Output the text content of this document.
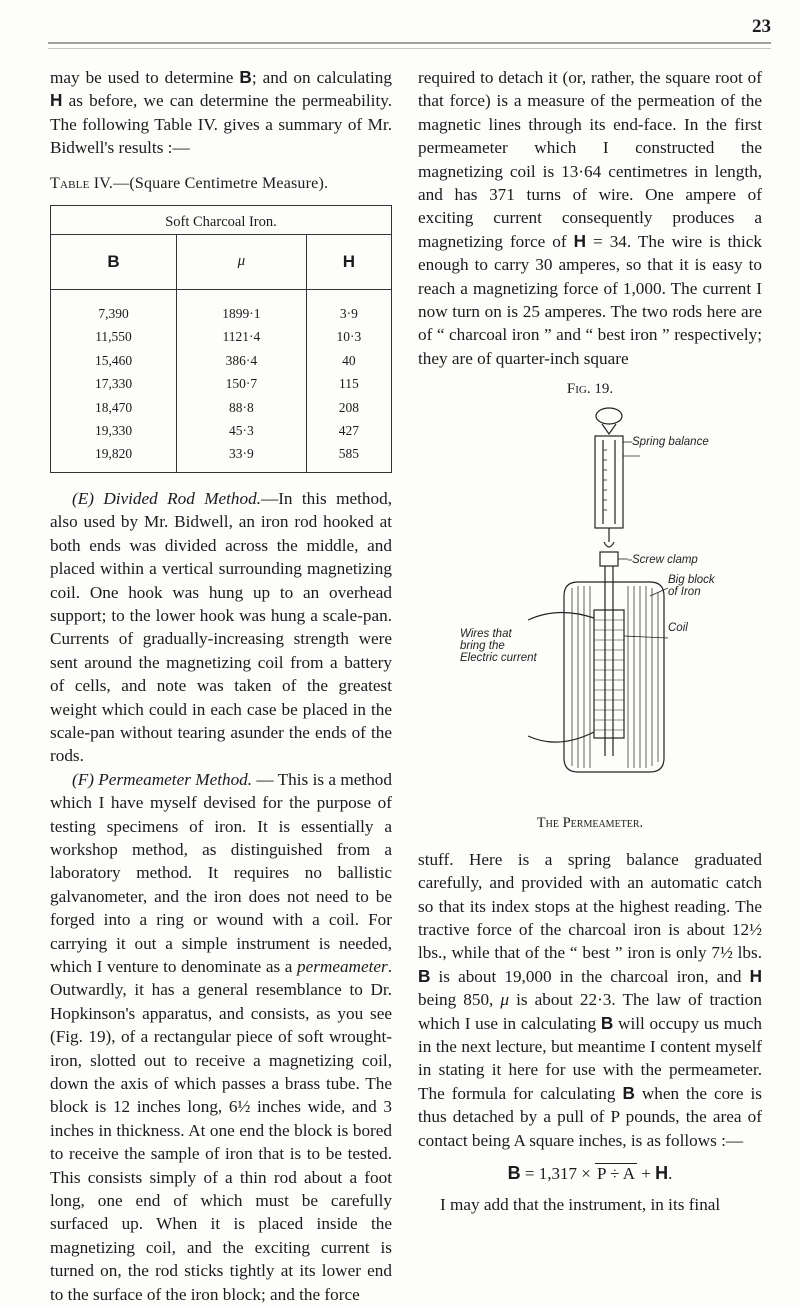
23

may be used to determine B; and on calculating H as before, we can determine the permeability. The following Table IV. gives a summary of Mr. Bidwell's results :—

Table IV.—(Square Centimetre Measure).
Soft Charcoal Iron.		
B	μ	H
7,390	1899·1	3·9
11,550	1121·4	10·3
15,460	386·4	40
17,330	150·7	115
18,470	88·8	208
19,330	45·3	427
19,820	33·9	585

(E) Divided Rod Method.—In this method, also used by Mr. Bidwell, an iron rod hooked at both ends was divided across the middle, and placed within a vertical surrounding magnetizing coil. One hook was hung up to an overhead support; to the lower hook was hung a scale-pan. Currents of gradually-increasing strength were sent around the magnetizing coil from a battery of cells, and note was taken of the greatest weight which could in each case be placed in the scale-pan without tearing asunder the ends of the rods.

(F) Permeameter Method. — This is a method which I have myself devised for the purpose of testing specimens of iron. It is essentially a workshop method, as distinguished from a laboratory method. It requires no ballistic galvanometer, and the iron does not need to be forged into a ring or wound with a coil. For carrying it out a simple instrument is needed, which I venture to denominate as a permeameter. Outwardly, it has a general resemblance to Dr. Hopkinson's apparatus, and consists, as you see (Fig. 19), of a rectangular piece of soft wrought-iron, slotted out to receive a magnetizing coil, down the axis of which passes a brass tube. The block is 12 inches long, 6½ inches wide, and 3 inches in thickness. At one end the block is bored to receive the sample of iron that is to be tested. This consists simply of a thin rod about a foot long, one end of which must be carefully surfaced up. When it is placed inside the magnetizing coil, and the exciting current is turned on, the rod sticks tightly at its lower end to the surface of the iron block; and the force

required to detach it (or, rather, the square root of that force) is a measure of the permeation of the magnetic lines through its end-face. In the first permeameter which I constructed the magnetizing coil is 13·64 centimetres in length, and has 371 turns of wire. One ampere of exciting current consequently produces a magnetizing force of H = 34. The wire is thick enough to carry 30 amperes, so that it is easy to reach a magnetizing force of 1,000. The current I now turn on is 25 amperes. The two rods here are of “ charcoal iron ” and “ best iron ” respectively; they are of quarter-inch square

Fig. 19.
Spring balance
Screw clamp
Big block
of Iron
Coil
Wires that
bring the
Electric current
The Permeameter.

stuff. Here is a spring balance graduated carefully, and provided with an automatic catch so that its index stops at the highest reading. The tractive force of the charcoal iron is about 12½ lbs., while that of the “ best ” iron is only 7½ lbs. B is about 19,000 in the charcoal iron, and H being 850, μ is about 22·3. The law of traction which I use in calculating B will occupy us much in the next lecture, but meantime I content myself in stating it here for use with the permeameter. The formula for calculating B when the core is thus detached by a pull of P pounds, the area of contact being A square inches, is as follows :—

B = 1,317 × P ÷ A + H.

I may add that the instrument, in its final
